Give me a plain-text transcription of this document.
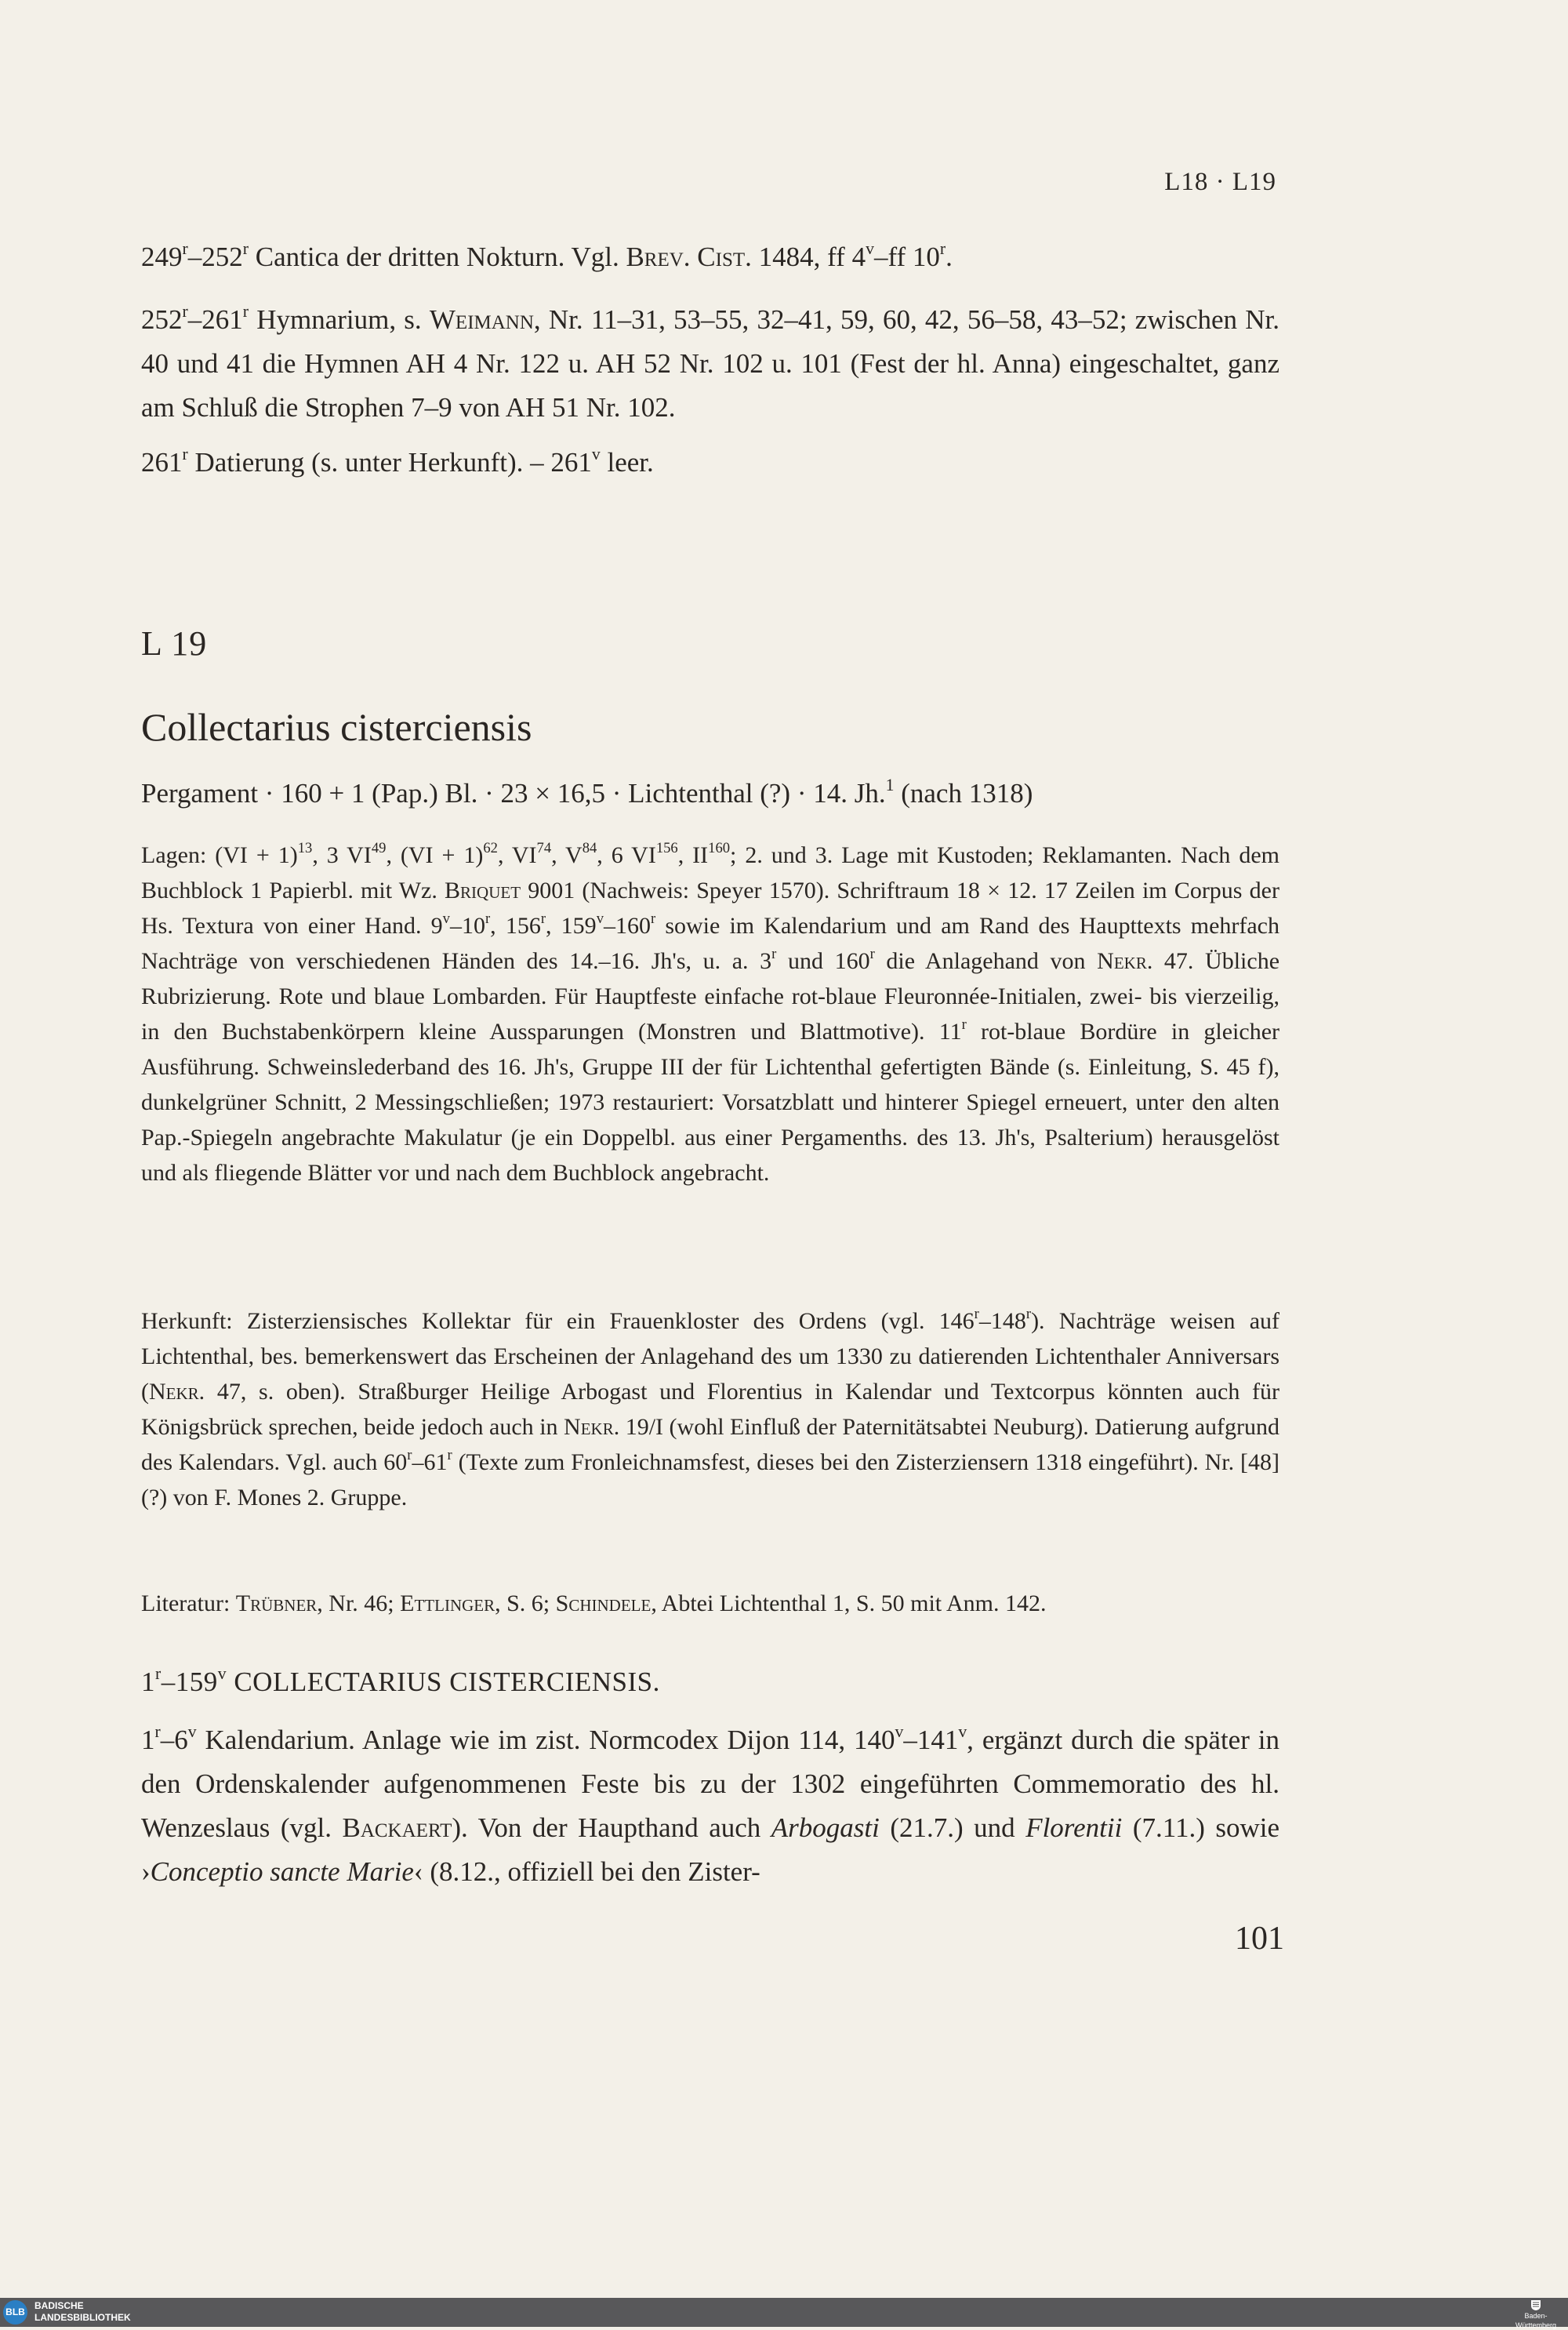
L18 · L19

249$^r$–252$^r$ Cantica der dritten Nokturn. Vgl. Brev. Cist. 1484, ff 4$^v$–ff 10$^r$.

252$^r$–261$^r$ Hymnarium, s. Weimann, Nr. 11–31, 53–55, 32–41, 59, 60, 42, 56–58, 43–52; zwischen Nr. 40 und 41 die Hymnen AH 4 Nr. 122 u. AH 52 Nr. 102 u. 101 (Fest der hl. Anna) eingeschaltet, ganz am Schluß die Strophen 7–9 von AH 51 Nr. 102.

261$^r$ Datierung (s. unter Herkunft). – 261$^v$ leer.

L 19
Collectarius cisterciensis
Pergament · 160 + 1 (Pap.) Bl. · 23 × 16,5 · Lichtenthal (?) · 14. Jh.$^1$ (nach 1318)

Lagen: (VI + 1)$^{13}$, 3 VI$^{49}$, (VI + 1)$^{62}$, VI$^{74}$, $V^{84}$, 6 VI$^{156}$, II$^{160}$; 2. und 3. Lage mit Kustoden; Reklamanten. Nach dem Buchblock 1 Papierbl. mit Wz. Briquet 9001 (Nachweis: Speyer 1570). Schriftraum 18 × 12. 17 Zeilen im Corpus der Hs. Textura von einer Hand. 9$^v$–10$^r$, 156$^r$, 159$^v$–160$^r$ sowie im Kalendarium und am Rand des Haupttexts mehrfach Nachträge von verschiedenen Händen des 14.–16. Jh's, u. a. 3$^r$ und 160$^r$ die Anlagehand von Nekr. 47. Übliche Rubrizierung. Rote und blaue Lombarden. Für Hauptfeste einfache rot-blaue Fleuronnée-Initialen, zwei- bis vierzeilig, in den Buchstabenkörpern kleine Aussparungen (Monstren und Blattmotive). 11$^r$ rot-blaue Bordüre in gleicher Ausführung. Schweinslederband des 16. Jh's, Gruppe III der für Lichtenthal gefertigten Bände (s. Einleitung, S. 45 f), dunkelgrüner Schnitt, 2 Messingschließen; 1973 restauriert: Vorsatzblatt und hinterer Spiegel erneuert, unter den alten Pap.-Spiegeln angebrachte Makulatur (je ein Doppelbl. aus einer Pergamenths. des 13. Jh's, Psalterium) herausgelöst und als fliegende Blätter vor und nach dem Buchblock angebracht.

Herkunft: Zisterziensisches Kollektar für ein Frauenkloster des Ordens (vgl. 146$^r$–148$^r$). Nachträge weisen auf Lichtenthal, bes. bemerkenswert das Erscheinen der Anlagehand des um 1330 zu datierenden Lichtenthaler Anniversars (Nekr. 47, s. oben). Straßburger Heilige Arbogast und Florentius in Kalendar und Textcorpus könnten auch für Königsbrück sprechen, beide jedoch auch in Nekr. 19/I (wohl Einfluß der Paternitätsabtei Neuburg). Datierung aufgrund des Kalendars. Vgl. auch 60$^r$–61$^r$ (Texte zum Fronleichnamsfest, dieses bei den Zisterziensern 1318 eingeführt). Nr. [48] (?) von F. Mones 2. Gruppe.

Literatur: Trübner, Nr. 46; Ettlinger, S. 6; Schindele, Abtei Lichtenthal 1, S. 50 mit Anm. 142.

1$^r$–159$^v$ COLLECTARIUS CISTERCIENSIS.

1$^r$–6$^v$ Kalendarium. Anlage wie im zist. Normcodex Dijon 114, 140$^v$–141$^v$, ergänzt durch die später in den Ordenskalender aufgenommenen Feste bis zu der 1302 eingeführten Commemoratio des hl. Wenzeslaus (vgl. Backaert). Von der Haupthand auch Arbogasti (21.7.) und Florentii (7.11.) sowie ›Conceptio sancte Marie‹ (8.12., offiziell bei den Zister-

101
BLB
BADISCHE
LANDESBIBLIOTHEK	Baden-Württemberg
